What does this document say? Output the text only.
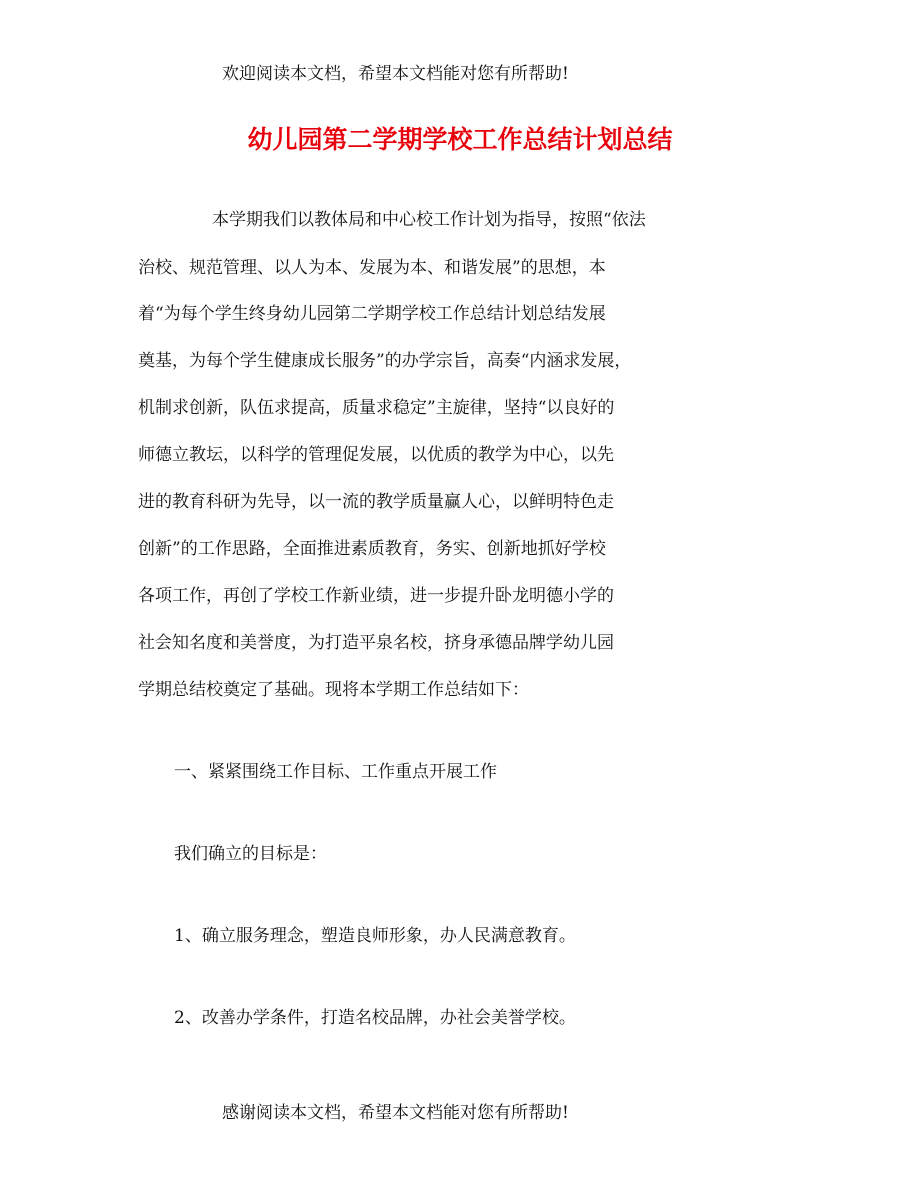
欢迎阅读本文档，希望本文档能对您有所帮助!
幼儿园第二学期学校工作总结计划总结
本学期我们以教体局和中心校工作计划为指导，按照“依法
治校、规范管理、以人为本、发展为本、和谐发展”的思想，本
着“为每个学生终身幼儿园第二学期学校工作总结计划总结发展
奠基，为每个学生健康成长服务”的办学宗旨，高奏“内涵求发展，
机制求创新，队伍求提高，质量求稳定”主旋律，坚持“以良好的
师德立教坛，以科学的管理促发展，以优质的教学为中心，以先
进的教育科研为先导，以一流的教学质量赢人心，以鲜明特色走
创新”的工作思路，全面推进素质教育，务实、创新地抓好学校
各项工作，再创了学校工作新业绩，进一步提升卧龙明德小学的
社会知名度和美誉度，为打造平泉名校，挤身承德品牌学幼儿园
学期总结校奠定了基础。现将本学期工作总结如下：
一、紧紧围绕工作目标、工作重点开展工作
我们确立的目标是：
1、确立服务理念，塑造良师形象，办人民满意教育。
2、改善办学条件，打造名校品牌，办社会美誉学校。
感谢阅读本文档，希望本文档能对您有所帮助!
